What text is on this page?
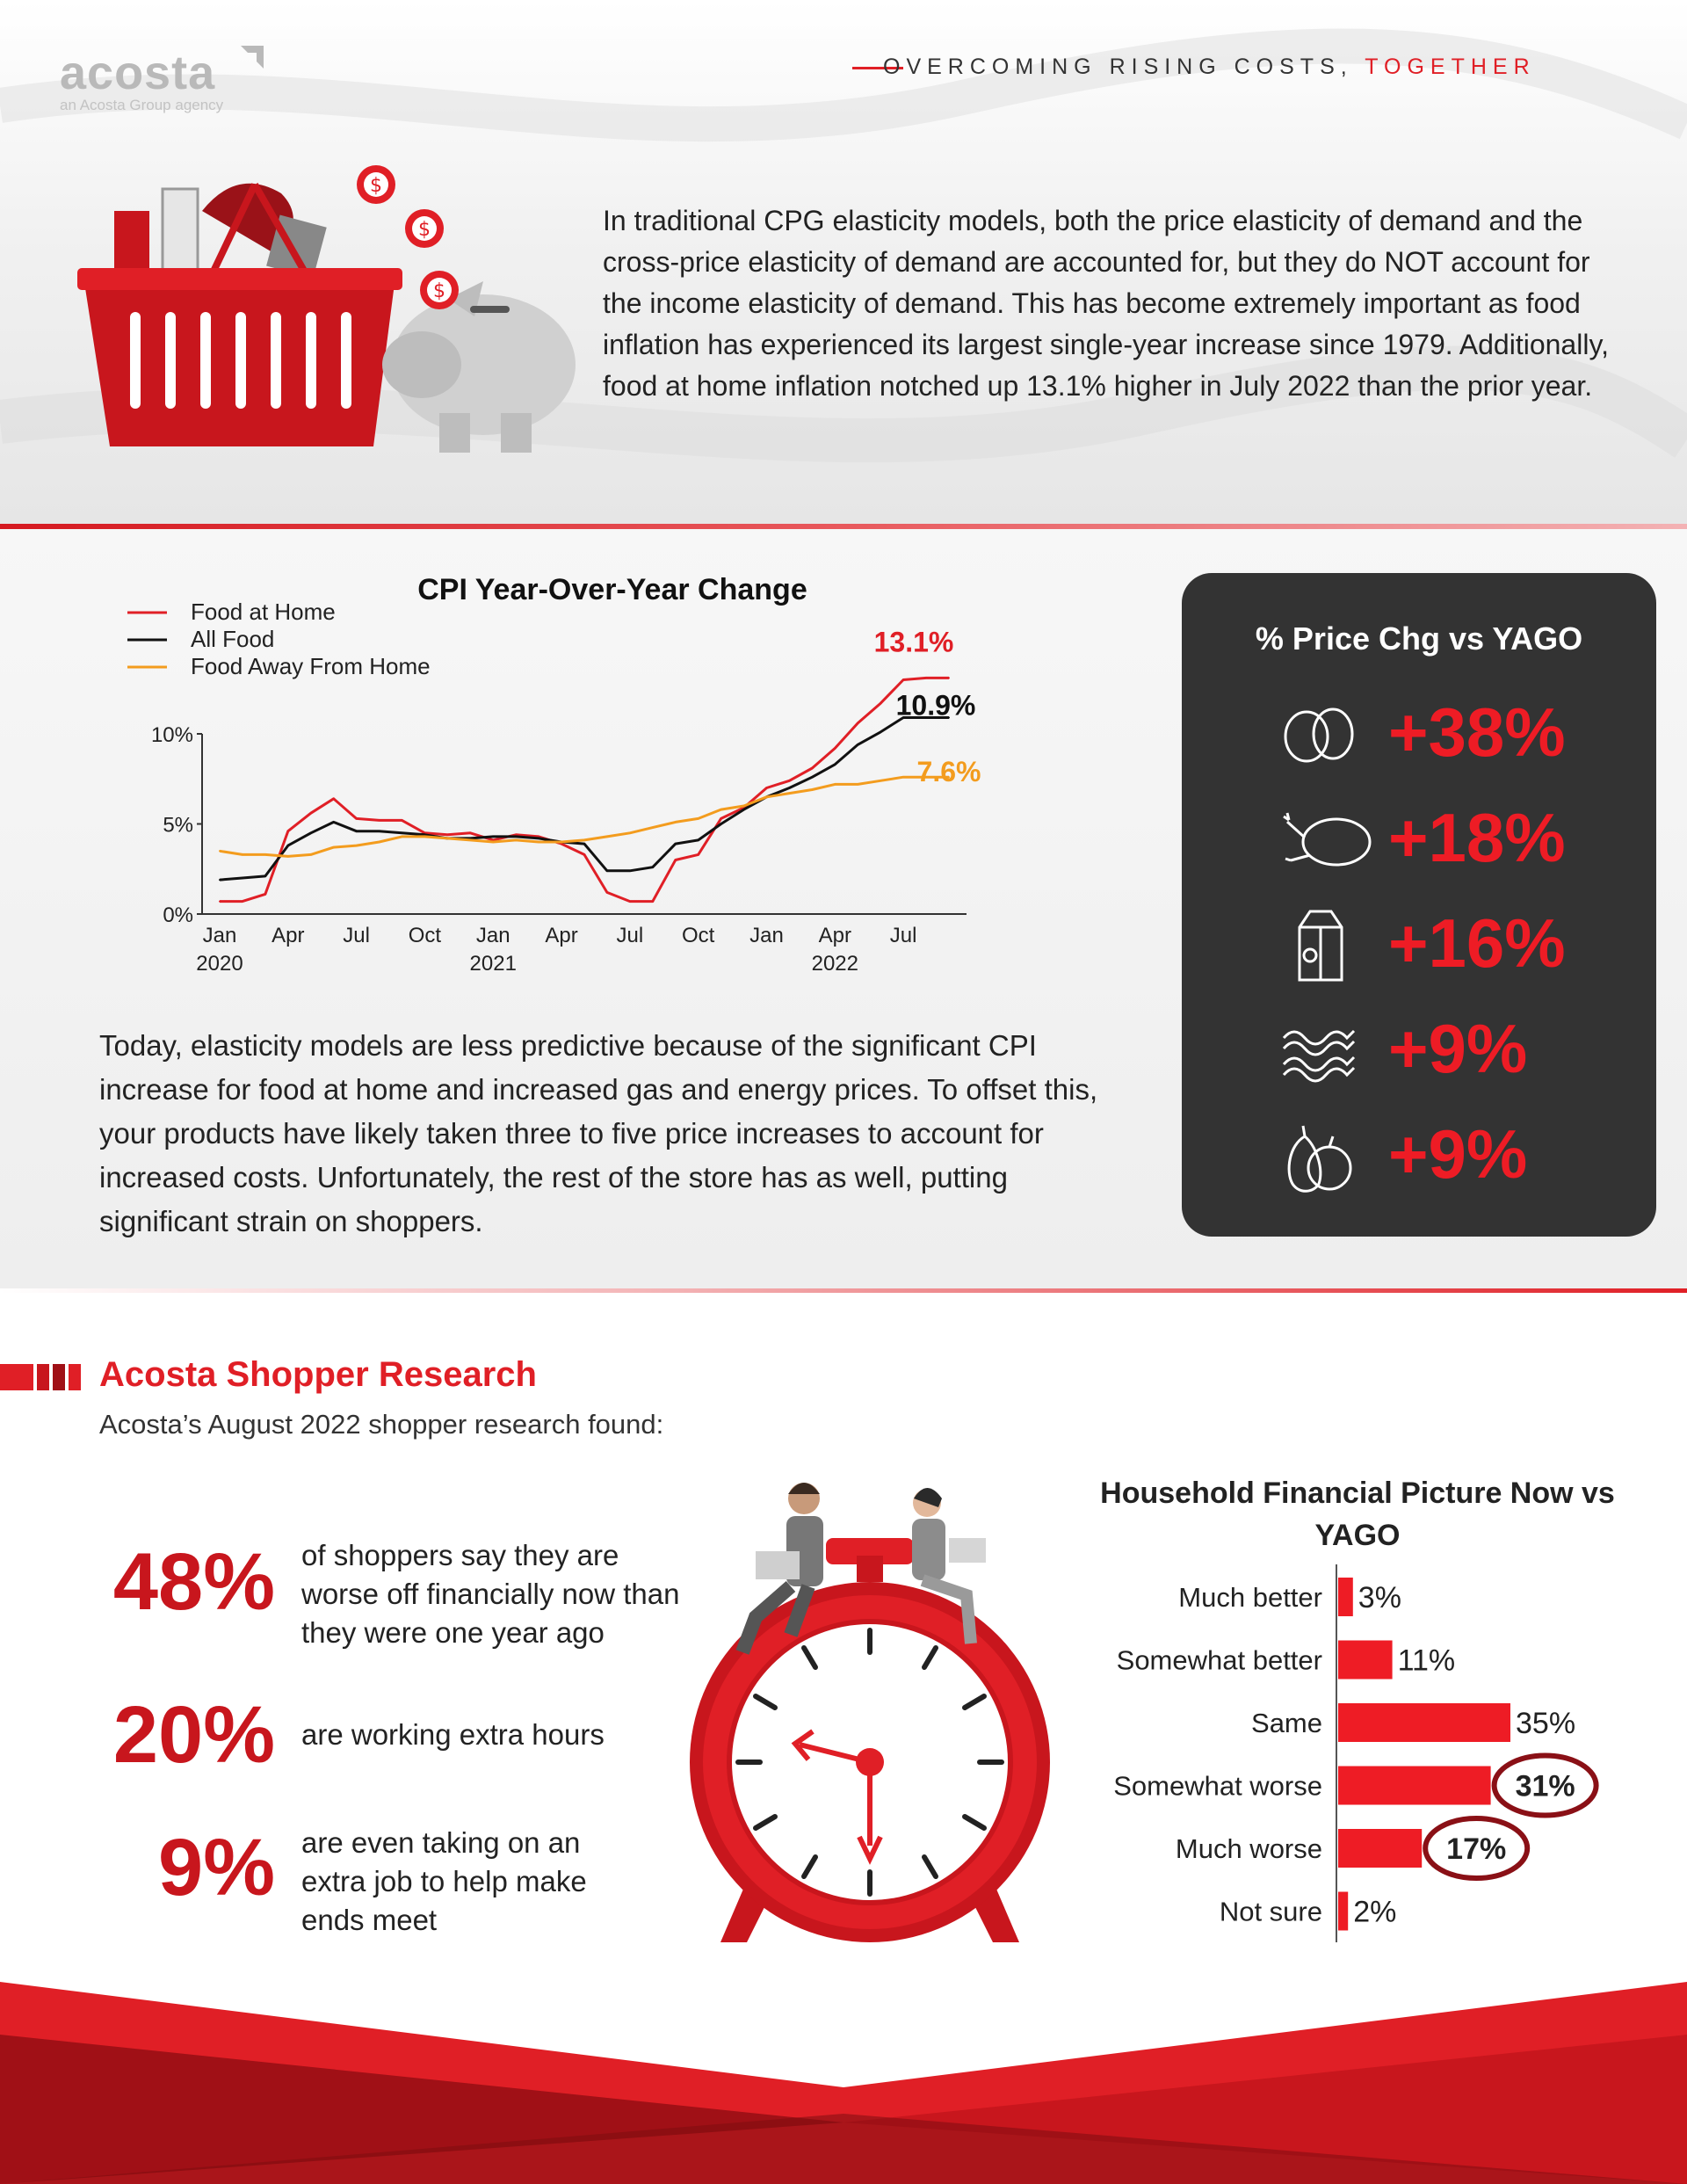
acosta
an Acosta Group agency
OVERCOMING RISING COSTS, TOGETHER
$
$
$
In traditional CPG elasticity models, both the price elasticity of demand and the cross-price elasticity of demand are accounted for, but they do NOT account for the income elasticity of demand. This has become extremely important as food inflation has experienced its largest single-year increase since 1979. Additionally, food at home inflation notched up 13.1% higher in July 2022 than the prior year.
CPI Year-Over-Year Change
Food at Home
All Food
Food Away From Home
10%
5%
0%
Jan
2020
Apr Jul Oct Jan
2021
Apr Jul Oct Jan Apr
2022
Jul
13.1%
10.9%
7.6%
Today, elasticity models are less predictive because of the significant CPI increase for food at home and increased gas and energy prices. To offset this, your products have likely taken three to five price increases to account for increased costs. Unfortunately, the rest of the store has as well, putting significant strain on shoppers.
% Price Chg vs YAGO
+38%
+18%
+16%
+9%
+9%
Acosta Shopper Research
Acosta’s August 2022 shopper research found:
48% of shoppers say they are worse off financially now than they were one year ago
20% are working extra hours
9% are even taking on an extra job to help make ends meet
Household Financial Picture Now vs YAGO
Much better 3%
Somewhat better	11%
Same	35%
Somewhat worse	31%
Much worse	17%
Not sure 2%
